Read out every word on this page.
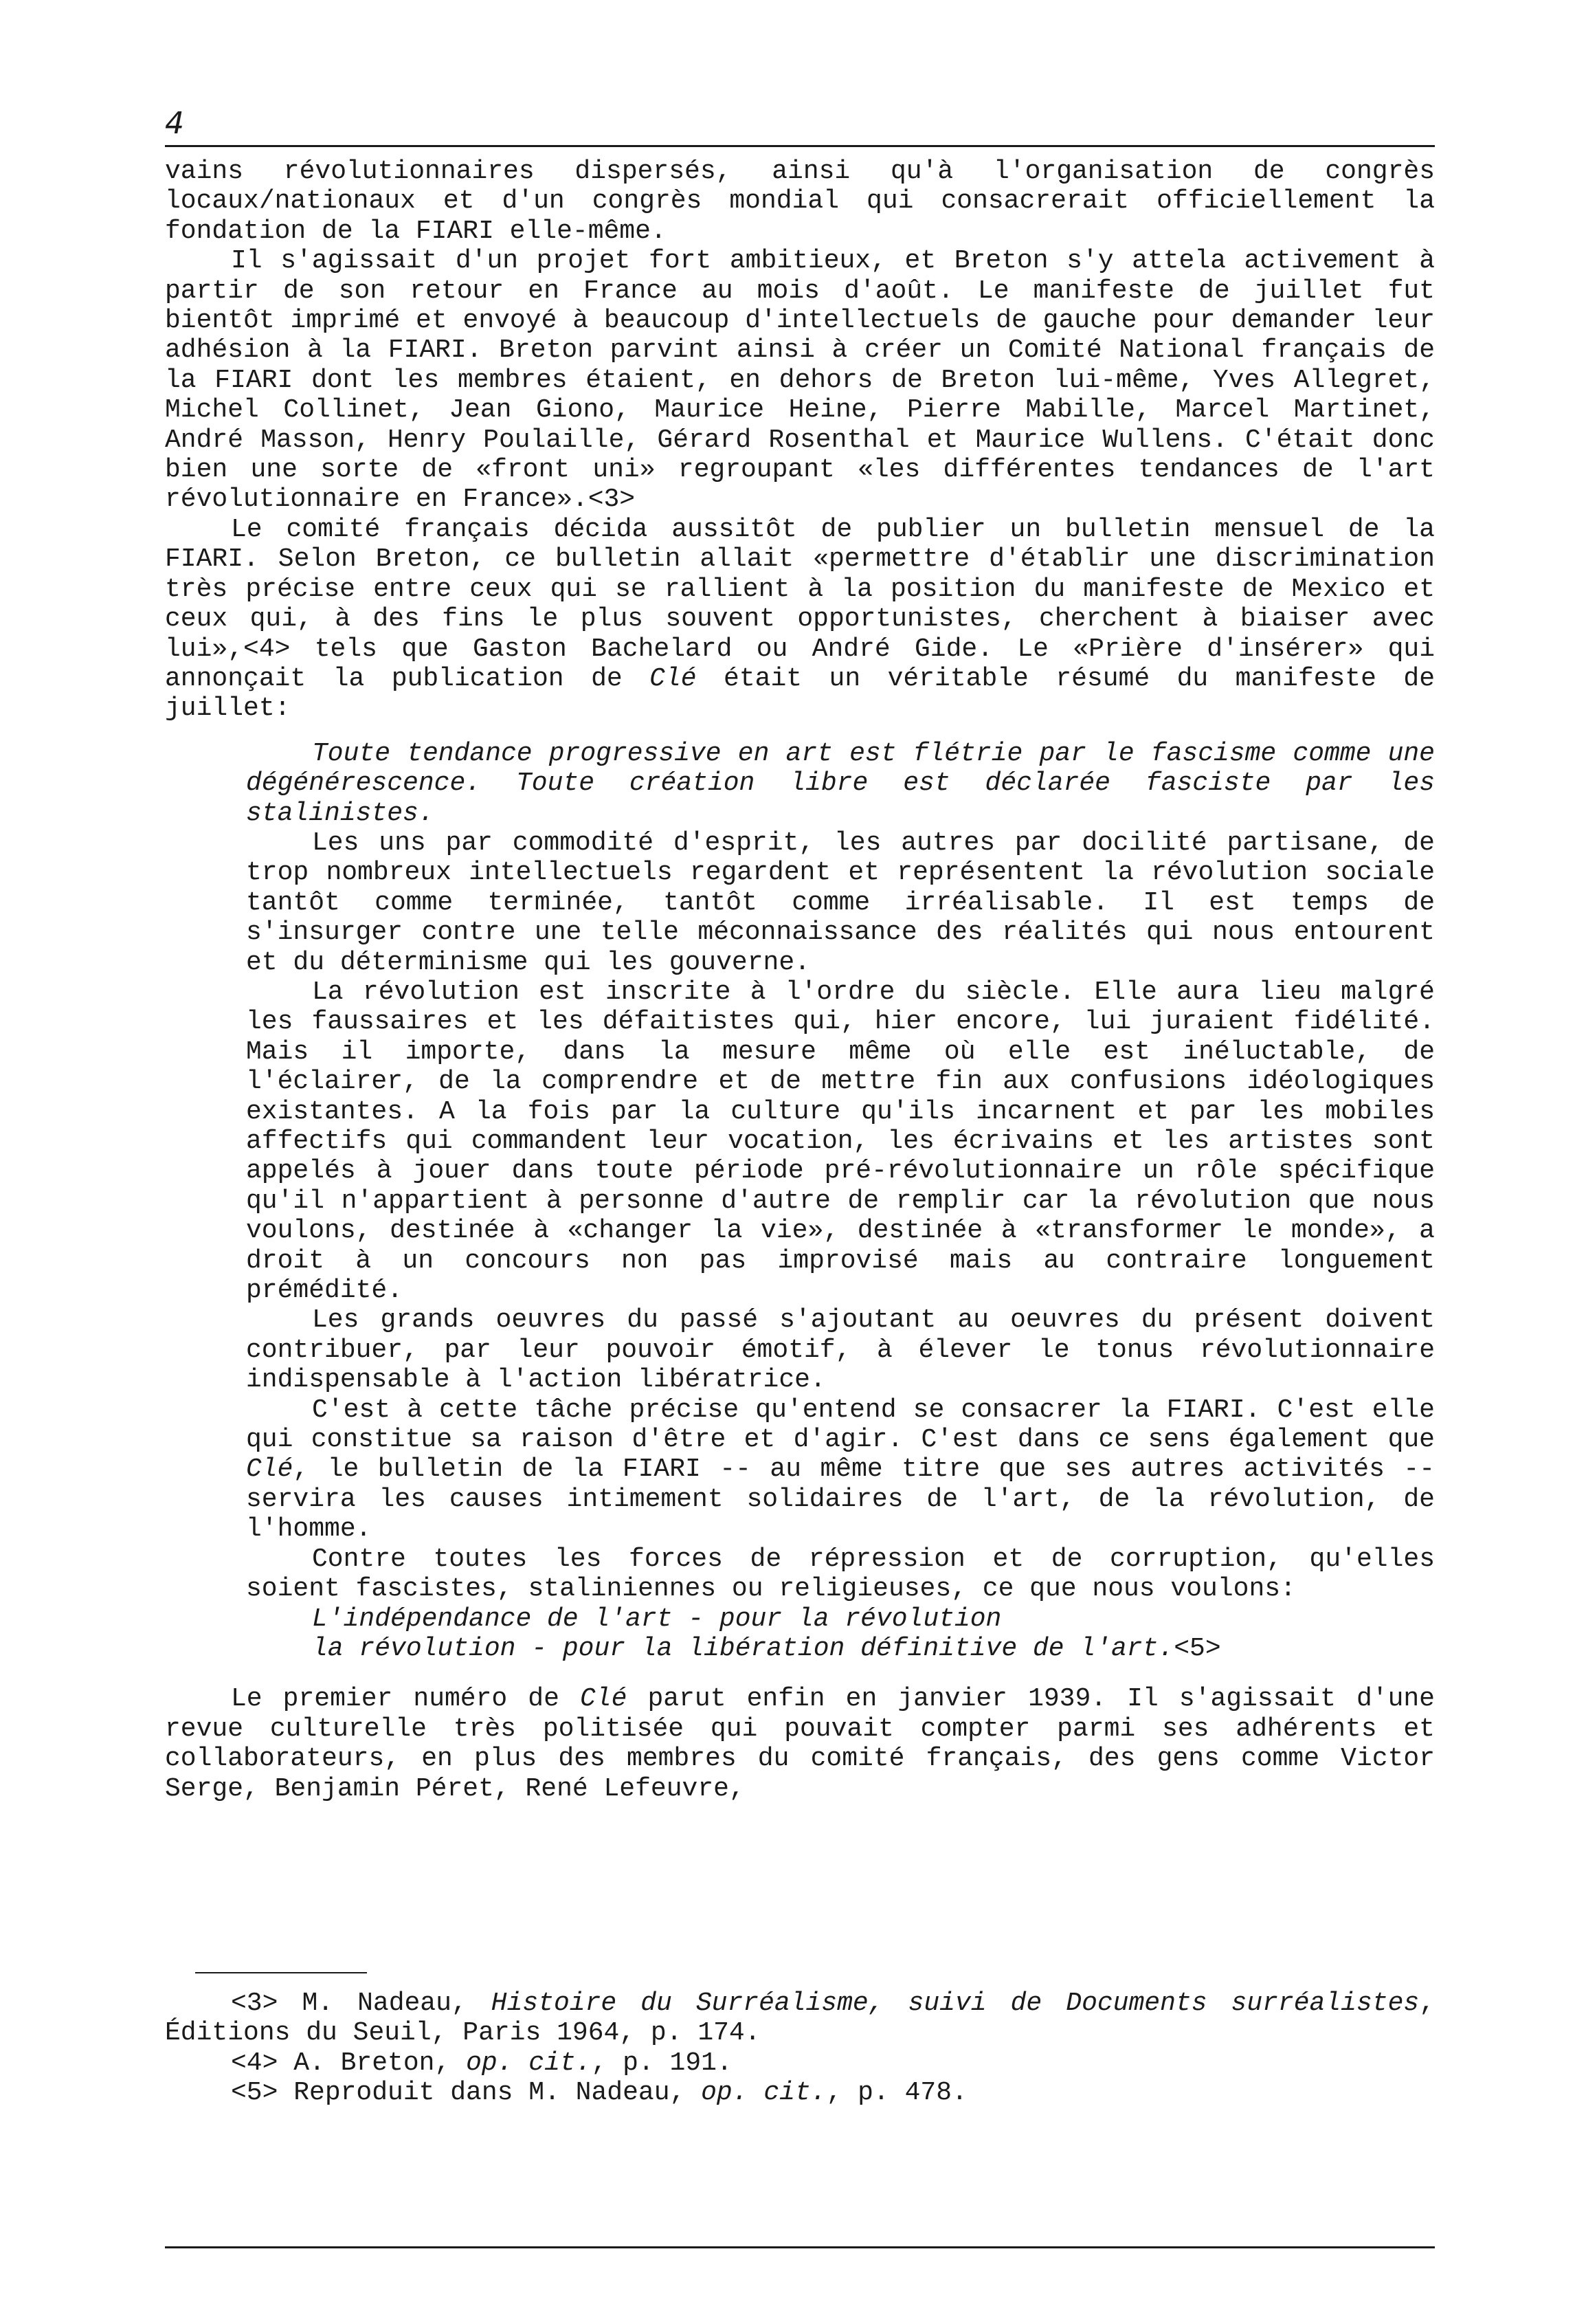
4

vains révolutionnaires dispersés, ainsi qu'à l'organisation de congrès locaux/nationaux et d'un congrès mondial qui consacrerait officiellement la fondation de la FIARI elle-même.

Il s'agissait d'un projet fort ambitieux, et Breton s'y attela activement à partir de son retour en France au mois d'août. Le manifeste de juillet fut bientôt imprimé et envoyé à beaucoup d'intellectuels de gauche pour demander leur adhésion à la FIARI. Breton parvint ainsi à créer un Comité National français de la FIARI dont les membres étaient, en dehors de Breton lui-même, Yves Allegret, Michel Collinet, Jean Giono, Maurice Heine, Pierre Mabille, Marcel Martinet, André Masson, Henry Poulaille, Gérard Rosenthal et Maurice Wullens. C'était donc bien une sorte de «front uni» regroupant «les différentes tendances de l'art révolutionnaire en France».<3>

Le comité français décida aussitôt de publier un bulletin mensuel de la FIARI. Selon Breton, ce bulletin allait «permettre d'établir une discrimination très précise entre ceux qui se rallient à la position du manifeste de Mexico et ceux qui, à des fins le plus souvent opportunistes, cherchent à biaiser avec lui»,<4> tels que Gaston Bachelard ou André Gide. Le «Prière d'insérer» qui annonçait la publication de Clé était un véritable résumé du manifeste de juillet:

Toute tendance progressive en art est flétrie par le fascisme comme une dégénérescence. Toute création libre est déclarée fasciste par les stalinistes.

Les uns par commodité d'esprit, les autres par docilité partisane, de trop nombreux intellectuels regardent et représentent la révolution sociale tantôt comme terminée, tantôt comme irréalisable. Il est temps de s'insurger contre une telle méconnaissance des réalités qui nous entourent et du déterminisme qui les gouverne.

La révolution est inscrite à l'ordre du siècle. Elle aura lieu malgré les faussaires et les défaitistes qui, hier encore, lui juraient fidélité. Mais il importe, dans la mesure même où elle est inéluctable, de l'éclairer, de la comprendre et de mettre fin aux confusions idéologiques existantes. A la fois par la culture qu'ils incarnent et par les mobiles affectifs qui commandent leur vocation, les écrivains et les artistes sont appelés à jouer dans toute période pré-révolutionnaire un rôle spécifique qu'il n'appartient à personne d'autre de remplir car la révolution que nous voulons, destinée à «changer la vie», destinée à «transformer le monde», a droit à un concours non pas improvisé mais au contraire longuement prémédité.

Les grands oeuvres du passé s'ajoutant au oeuvres du présent doivent contribuer, par leur pouvoir émotif, à élever le tonus révolutionnaire indispensable à l'action libératrice.

C'est à cette tâche précise qu'entend se consacrer la FIARI. C'est elle qui constitue sa raison d'être et d'agir. C'est dans ce sens également que Clé, le bulletin de la FIARI -- au même titre que ses autres activités -- servira les causes intimement solidaires de l'art, de la révolution, de l'homme.

Contre toutes les forces de répression et de corruption, qu'elles soient fascistes, staliniennes ou religieuses, ce que nous voulons:

L'indépendance de l'art - pour la révolution

la révolution - pour la libération définitive de l'art.<5>

Le premier numéro de Clé parut enfin en janvier 1939. Il s'agissait d'une revue culturelle très politisée qui pouvait compter parmi ses adhérents et collaborateurs, en plus des membres du comité français, des gens comme Victor Serge, Benjamin Péret, René Lefeuvre,

<3> M. Nadeau, Histoire du Surréalisme, suivi de Documents surréalistes, Éditions du Seuil, Paris 1964, p. 174.

<4> A. Breton, op. cit., p. 191.

<5> Reproduit dans M. Nadeau, op. cit., p. 478.
